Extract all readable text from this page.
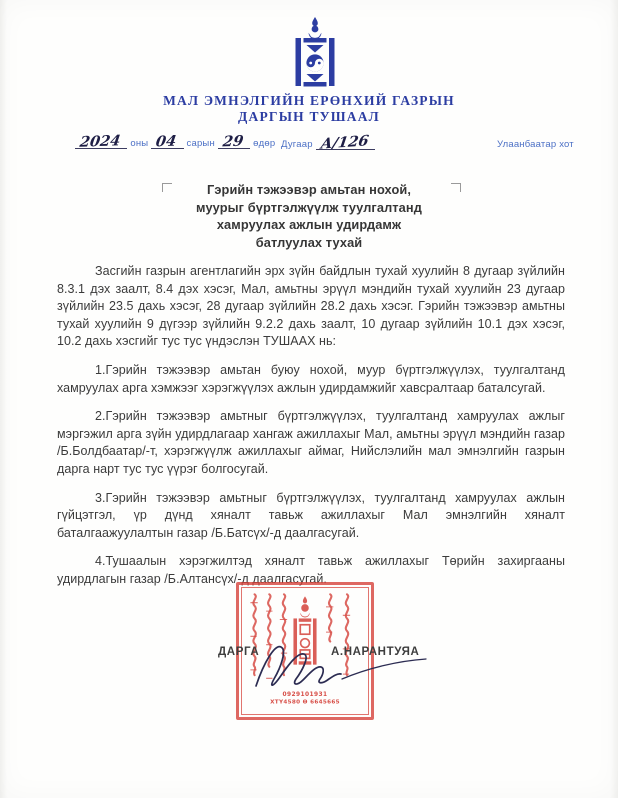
МАЛ ЭМНЭЛГИЙН ЕРӨНХИЙ ГАЗРЫН
ДАРГЫН ТУШААЛ
2024 оны 04 сарын 29 өдөр Дугаар А/126	Улаанбаатар хот
Гэрийн тэжээвэр амьтан нохой,
муурыг бүртгэлжүүлж туулгалтанд
хамруулах ажлын удирдамж
батлуулах тухай

Засгийн газрын агентлагийн эрх зүйн байдлын тухай хуулийн 8 дугаар зүйлийн 8.3.1 дэх заалт, 8.4 дэх хэсэг, Мал, амьтны эрүүл мэндийн тухай хуулийн 23 дугаар зүйлийн 23.5 дахь хэсэг, 28 дугаар зүйлийн 28.2 дахь хэсэг. Гэрийн тэжээвэр амьтны тухай хуулийн 9 дүгээр зүйлийн 9.2.2 дахь заалт, 10 дугаар зүйлийн 10.1 дэх хэсэг, 10.2 дахь хэсгийг тус тус үндэслэн ТУШААХ нь:

1.Гэрийн тэжээвэр амьтан буюу нохой, муур бүртгэлжүүлэх, туулгалтанд хамруулах арга хэмжээг хэрэгжүүлэх ажлын удирдамжийг хавсралтаар баталсугай.

2.Гэрийн тэжээвэр амьтныг бүртгэлжүүлэх, туулгалтанд хамруулах ажлыг мэргэжил арга зүйн удирдлагаар хангаж ажиллахыг Мал, амьтны эрүүл мэндийн газар /Б.Болдбаатар/-т, хэрэгжүүлж ажиллахыг аймаг, Нийслэлийн мал эмнэлгийн газрын дарга нарт тус тус үүрэг болгосугай.

3.Гэрийн тэжээвэр амьтныг бүртгэлжүүлэх, туулгалтанд хамруулах ажлын гүйцэтгэл, үр дүнд хяналт тавьж ажиллахыг Мал эмнэлгийн хяналт баталгаажуулалтын газар /Б.Батсүх/-д даалгасугай.

4.Тушаалын хэрэгжилтэд хяналт тавьж ажиллахыг Төрийн захиргааны удирдлагын газар /Б.Алтансүх/-д даалгасугай.

0929101931
ХТҮ4580 Ө 6645665
ДАРГА	А.НАРАНТУЯА
